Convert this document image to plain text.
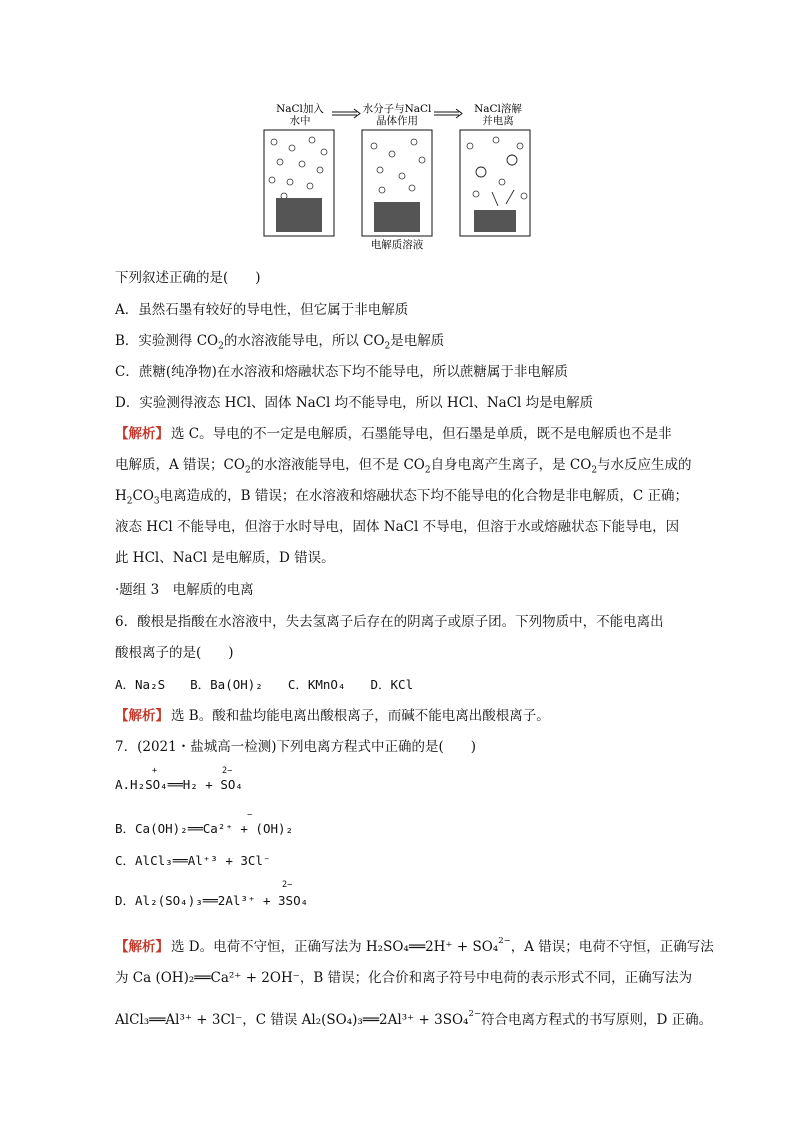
NaCl加入
水中
水分子与NaCl
晶体作用
NaCl溶解
并电离
电解质溶液
下列叙述正确的是(　　)
A．虽然石墨有较好的导电性，但它属于非电解质
B．实验测得 $CO_2$的水溶液能导电，所以 $CO_2$是电解质
C．蔗糖(纯净物)在水溶液和熔融状态下均不能导电，所以蔗糖属于非电解质
D．实验测得液态 HCl、固体 NaCl 均不能导电，所以 HCl、NaCl 均是电解质
【解析】 选 C。导电的不一定是电解质，石墨能导电，但石墨是单质，既不是电解质也不是非
电解质，A 错误；$CO_2$的水溶液能导电，但不是 $CO_2$自身电离产生离子，是 $CO_2$与水反应生成的
$H_2CO_3$电离造成的，B 错误；在水溶液和熔融状态下均不能导电的化合物是非电解质，C 正确；
液态 HCl 不能导电，但溶于水时导电，固体 NaCl 不导电，但溶于水或熔融状态下能导电，因
此 HCl、NaCl 是电解质，D 错误。
·题组 3　电解质的电离
6．酸根是指酸在水溶液中，失去氢离子后存在的阴离子或原子团。下列物质中，不能电离出
酸根离子的是(　　)
A．Na₂S　　B．Ba(OH)₂　　C．KMnO₄　　D．KCl
【解析】 选 B。酸和盐均能电离出酸根离子，而碱不能电离出酸根离子。
7．(2021・盐城高一检测)下列电离方程式中正确的是(　　)
A.H₂SO₄══H₂ + SO₄
+	2−
B．Ca(OH)₂══Ca²⁺ + (OH)₂
−
C．AlCl₃══Al⁺³ + 3Cl⁻
D．Al₂(SO₄)₃══2Al³⁺ + 3SO₄
2−
【解析】 选 D。电荷不守恒，正确写法为 H₂SO₄══2H⁺ + SO₄$^{2-}$，A 错误；电荷不守恒，正确写法
为 Ca (OH)₂══Ca²⁺ + 2OH⁻，B 错误；化合价和离子符号中电荷的表示形式不同，正确写法为
AlCl₃══Al³⁺ + 3Cl⁻，C 错误 Al₂(SO₄)₃══2Al³⁺ + 3SO₄$^{2-}$符合电离方程式的书写原则，D 正确。
